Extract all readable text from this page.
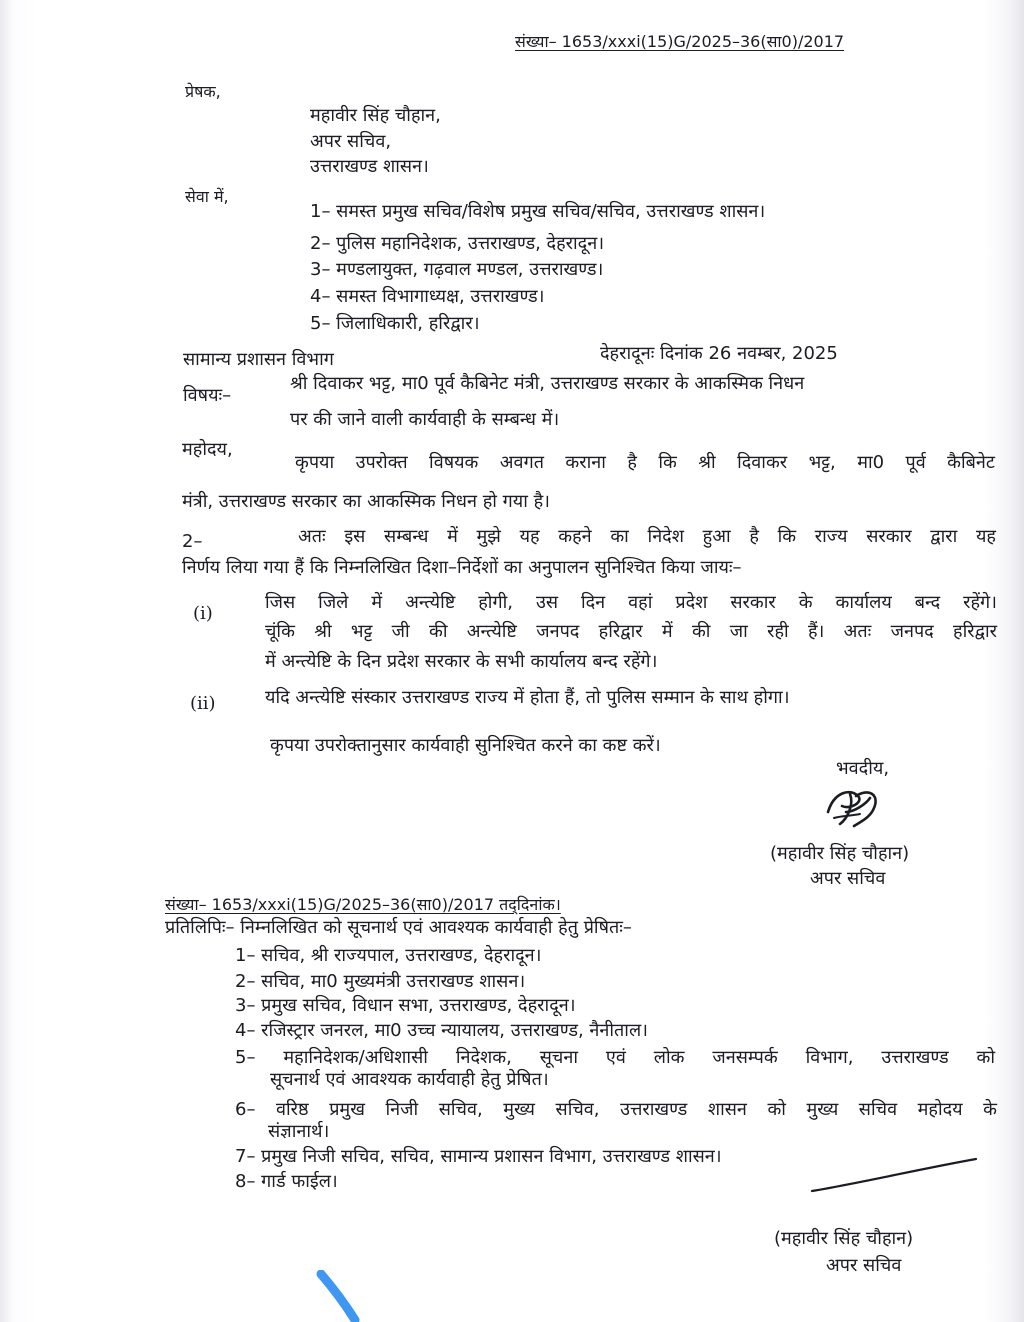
संख्या– 1653/xxxi(15)G/2025–36(सा0)/2017
प्रेषक,
महावीर सिंह चौहान,
अपर सचिव,
उत्तराखण्ड शासन।
सेवा में,
1– समस्त प्रमुख सचिव/विशेष प्रमुख सचिव/सचिव, उत्तराखण्ड शासन।
2– पुलिस महानिदेशक, उत्तराखण्ड, देहरादून।
3– मण्डलायुक्त, गढ़वाल मण्डल, उत्तराखण्ड।
4– समस्त विभागाध्यक्ष, उत्तराखण्ड।
5– जिलाधिकारी, हरिद्वार।
सामान्य प्रशासन विभाग	देहरादूनः दिनांक 26 नवम्बर, 2025
विषयः–
श्री दिवाकर भट्ट, मा0 पूर्व कैबिनेट मंत्री, उत्तराखण्ड सरकार के आकस्मिक निधन
पर की जाने वाली कार्यवाही के सम्बन्ध में।
महोदय,
कृपया उपरोक्त विषयक अवगत कराना है कि श्री दिवाकर भट्ट, मा0 पूर्व कैबिनेट
मंत्री, उत्तराखण्ड सरकार का आकस्मिक निधन हो गया है।
2–	अतः इस सम्बन्ध में मुझे यह कहने का निदेश हुआ है कि राज्य सरकार द्वारा यह
निर्णय लिया गया हैं कि निम्नलिखित दिशा–निर्देशों का अनुपालन सुनिश्चित किया जायः–
(i)
जिस जिले में अन्त्येष्टि होगी, उस दिन वहां प्रदेश सरकार के कार्यालय बन्द रहेंगे।
चूंकि श्री भट्ट जी की अन्त्येष्टि जनपद हरिद्वार में की जा रही हैं। अतः जनपद हरिद्वार
में अन्त्येष्टि के दिन प्रदेश सरकार के सभी कार्यालय बन्द रहेंगे।
(ii)	यदि अन्त्येष्टि संस्कार उत्तराखण्ड राज्य में होता हैं, तो पुलिस सम्मान के साथ होगा।
कृपया उपरोक्तानुसार कार्यवाही सुनिश्चित करने का कष्ट करें।
भवदीय,
(महावीर सिंह चौहान)
अपर सचिव
संख्या– 1653/xxxi(15)G/2025–36(सा0)/2017 तद्‌दिनांक।
प्रतिलिपिः– निम्नलिखित को सूचनार्थ एवं आवश्यक कार्यवाही हेतु प्रेषितः–
1– सचिव, श्री राज्यपाल, उत्तराखण्ड, देहरादून।
2– सचिव, मा0 मुख्यमंत्री उत्तराखण्ड शासन।
3– प्रमुख सचिव, विधान सभा, उत्तराखण्ड, देहरादून।
4– रजिस्ट्रार जनरल, मा0 उच्च न्यायालय, उत्तराखण्ड, नैनीताल।
5– महानिदेशक/अधिशासी निदेशक, सूचना एवं लोक जनसम्पर्क विभाग, उत्तराखण्ड को
सूचनार्थ एवं आवश्यक कार्यवाही हेतु प्रेषित।
6– वरिष्ठ प्रमुख निजी सचिव, मुख्य सचिव, उत्तराखण्ड शासन को मुख्य सचिव महोदय के
संज्ञानार्थ।
7– प्रमुख निजी सचिव, सचिव, सामान्य प्रशासन विभाग, उत्तराखण्ड शासन।
8– गार्ड फाईल।
(महावीर सिंह चौहान)
अपर सचिव
